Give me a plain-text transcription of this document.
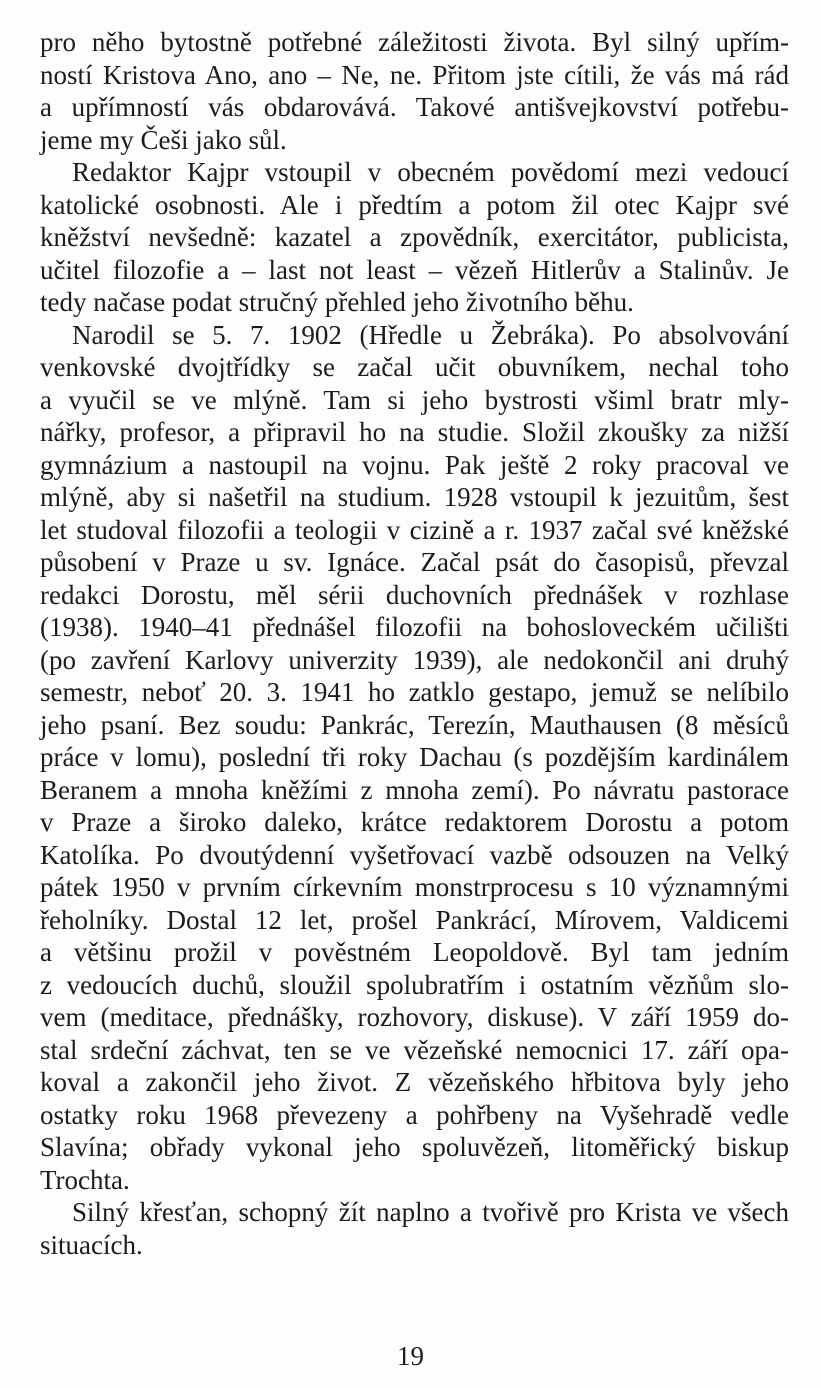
pro něho bytostně potřebné záležitosti života. Byl silný upřím-
ností Kristova Ano, ano – Ne, ne. Přitom jste cítili, že vás má rád
a upřímností vás obdarovává. Takové antišvejkovství potřebu-
jeme my Češi jako sůl.
Redaktor Kajpr vstoupil v obecném povědomí mezi vedoucí
katolické osobnosti. Ale i předtím a potom žil otec Kajpr své
kněžství nevšedně: kazatel a zpovědník, exercitátor, publicista,
učitel filozofie a – last not least – vězeň Hitlerův a Stalinův. Je
tedy načase podat stručný přehled jeho životního běhu.
Narodil se 5. 7. 1902 (Hředle u Žebráka). Po absolvování
venkovské dvojtřídky se začal učit obuvníkem, nechal toho
a vyučil se ve mlýně. Tam si jeho bystrosti všiml bratr mly-
nářky, profesor, a připravil ho na studie. Složil zkoušky za nižší
gymnázium a nastoupil na vojnu. Pak ještě 2 roky pracoval ve
mlýně, aby si našetřil na studium. 1928 vstoupil k jezuitům, šest
let studoval filozofii a teologii v cizině a r. 1937 začal své kněžské
působení v Praze u sv. Ignáce. Začal psát do časopisů, převzal
redakci Dorostu, měl sérii duchovních přednášek v rozhlase
(1938). 1940–41 přednášel filozofii na bohosloveckém učilišti
(po zavření Karlovy univerzity 1939), ale nedokončil ani druhý
semestr, neboť 20. 3. 1941 ho zatklo gestapo, jemuž se nelíbilo
jeho psaní. Bez soudu: Pankrác, Terezín, Mauthausen (8 měsíců
práce v lomu), poslední tři roky Dachau (s pozdějším kardinálem
Beranem a mnoha kněžími z mnoha zemí). Po návratu pastorace
v Praze a široko daleko, krátce redaktorem Dorostu a potom
Katolíka. Po dvoutýdenní vyšetřovací vazbě odsouzen na Velký
pátek 1950 v prvním církevním monstrprocesu s 10 významnými
řeholníky. Dostal 12 let, prošel Pankrácí, Mírovem, Valdicemi
a většinu prožil v pověstném Leopoldově. Byl tam jedním
z vedoucích duchů, sloužil spolubratřím i ostatním vězňům slo-
vem (meditace, přednášky, rozhovory, diskuse). V září 1959 do-
stal srdeční záchvat, ten se ve vězeňské nemocnici 17. září opa-
koval a zakončil jeho život. Z vězeňského hřbitova byly jeho
ostatky roku 1968 převezeny a pohřbeny na Vyšehradě vedle
Slavína; obřady vykonal jeho spoluvězeň, litoměřický biskup
Trochta.
Silný křesťan, schopný žít naplno a tvořivě pro Krista ve všech
situacích.
19
